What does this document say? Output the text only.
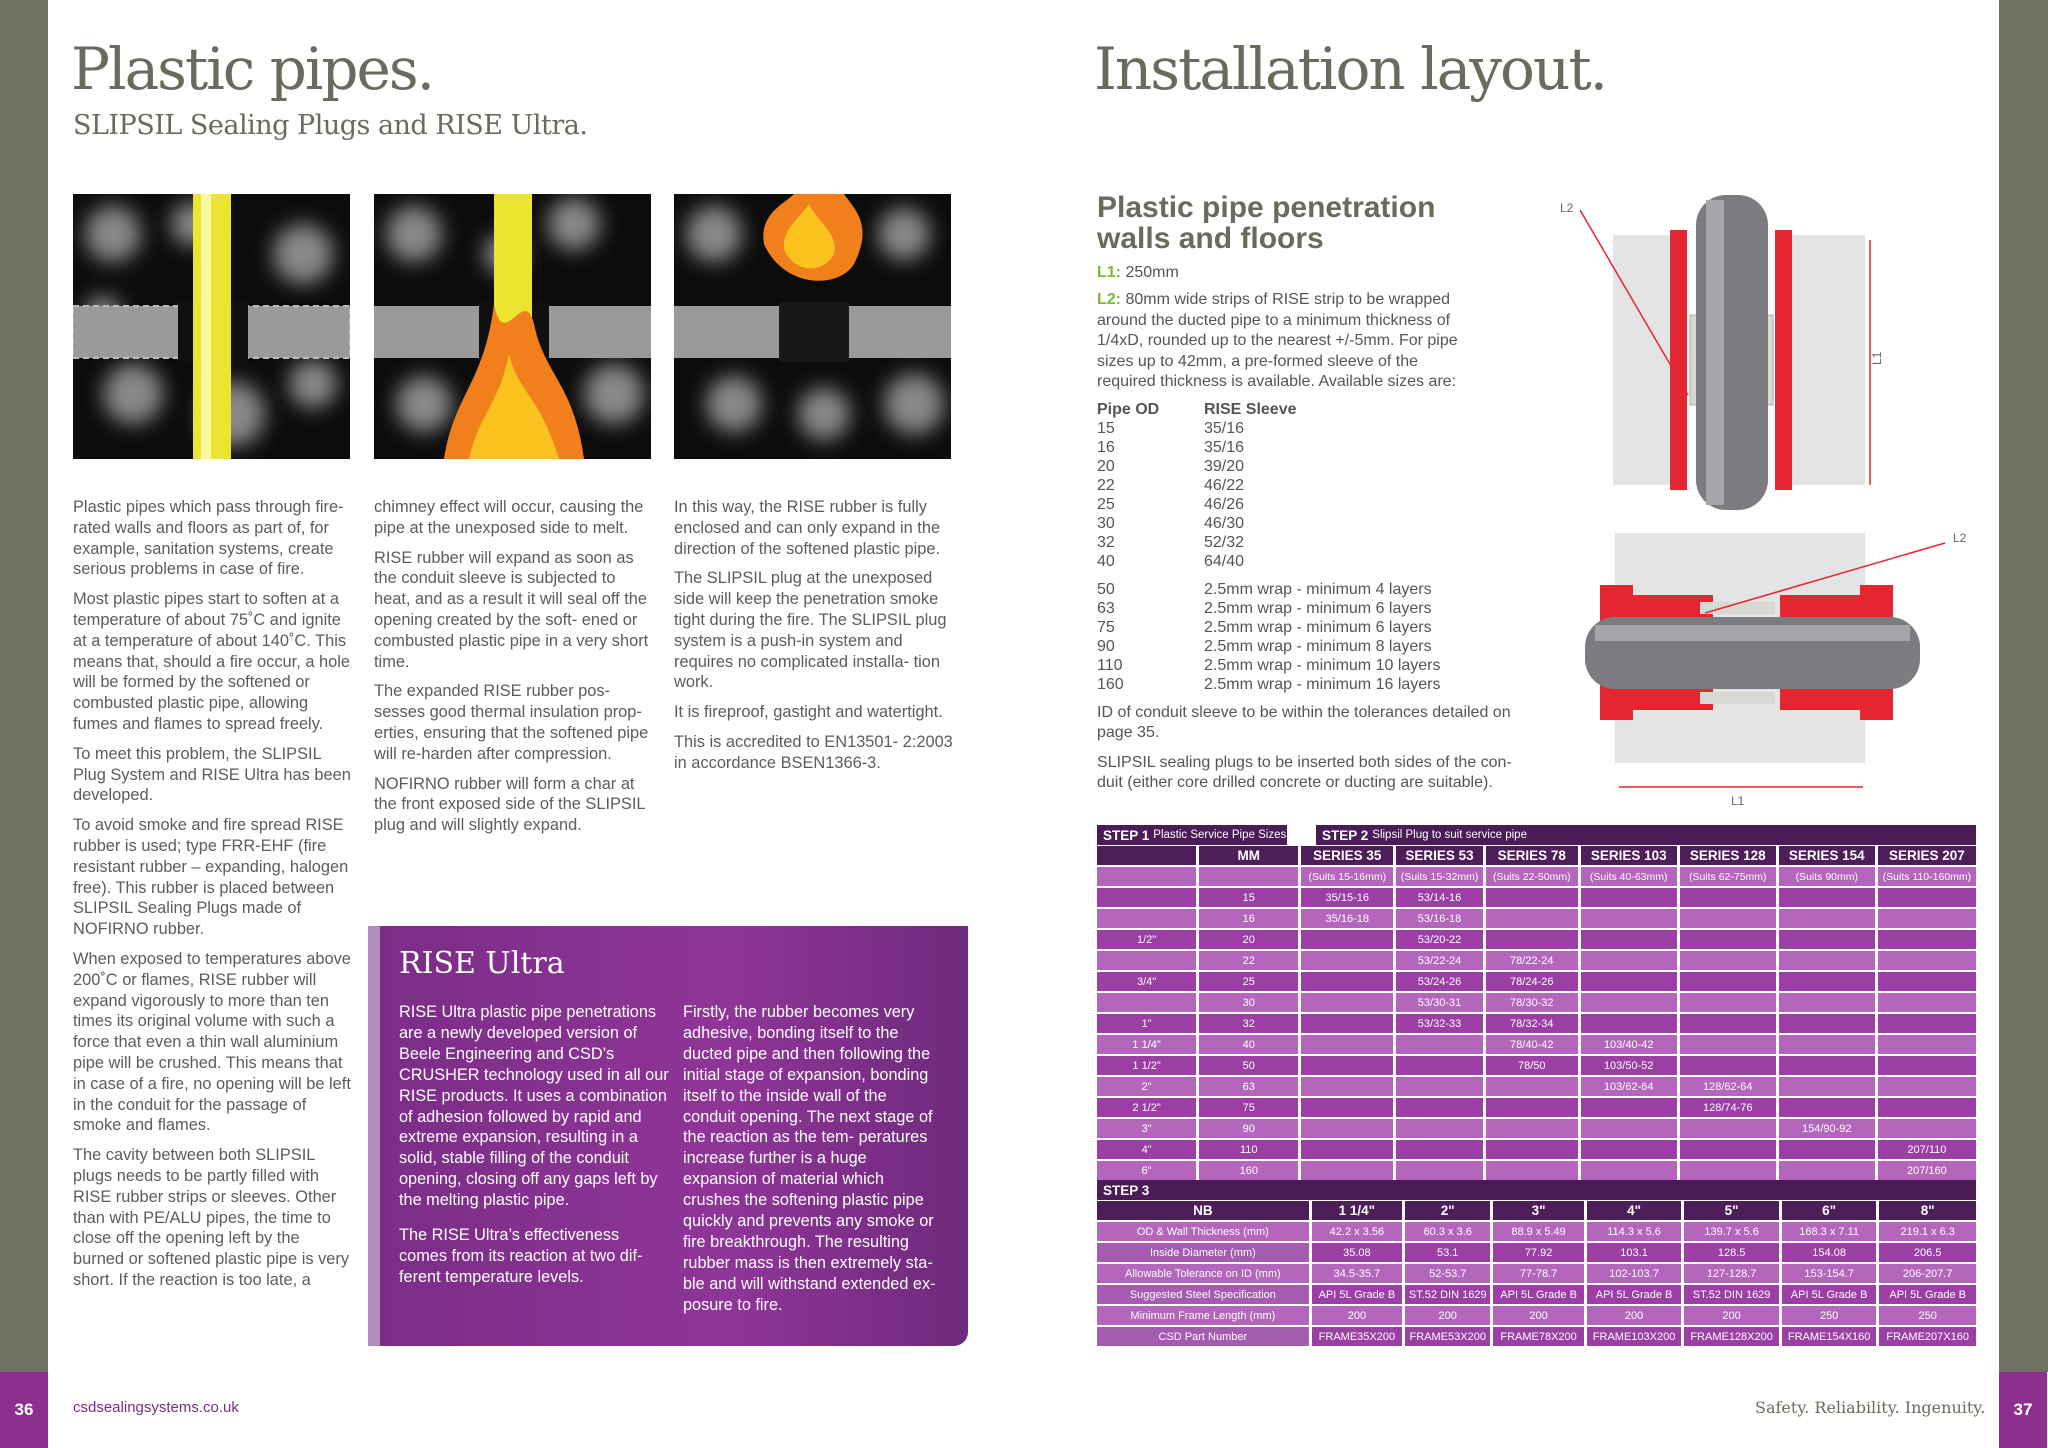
36	37
csdsealingsystems.co.uk	Safety. Reliability. Ingenuity.
Plastic pipes.
SLIPSIL Sealing Plugs and RISE Ultra.

Plastic pipes which pass through fire-rated walls and floors as part of, for example, sanitation systems, create serious problems in case of fire.

Most plastic pipes start to soften at a temperature of about 75˚C and ignite at a temperature of about 140˚C. This means that, should a fire occur, a hole will be formed by the softened or combusted plastic pipe, allowing fumes and flames to spread freely.

To meet this problem, the SLIPSIL Plug System and RISE Ultra has been developed.

To avoid smoke and fire spread RISE rubber is used; type FRR-EHF (fire resistant rubber – expanding, halogen free). This rubber is placed between SLIPSIL Sealing Plugs made of NOFIRNO rubber.

When exposed to temperatures above 200˚C or flames, RISE rubber will expand vigorously to more than ten times its original volume with such a force that even a thin wall aluminium pipe will be crushed. This means that in case of a fire, no opening will be left in the conduit for the passage of smoke and flames.

The cavity between both SLIPSIL plugs needs to be partly filled with RISE rubber strips or sleeves. Other than with PE/ALU pipes, the time to close off the opening left by the burned or softened plastic pipe is very short. If the reaction is too late, a

chimney effect will occur, causing the pipe at the unexposed side to melt.

RISE rubber will expand as soon as the conduit sleeve is subjected to heat, and as a result it will seal off the opening created by the soft- ened or combusted plastic pipe in a very short time.

The expanded RISE rubber pos- sesses good thermal insulation prop- erties, ensuring that the softened pipe will re-harden after compression.

NOFIRNO rubber will form a char at the front exposed side of the SLIPSIL plug and will slightly expand.

In this way, the RISE rubber is fully enclosed and can only expand in the direction of the softened plastic pipe.

The SLIPSIL plug at the unexposed side will keep the penetration smoke tight during the fire. The SLIPSIL plug system is a push-in system and requires no complicated installa- tion work.

It is fireproof, gastight and watertight.

This is accredited to EN13501- 2:2003 in accordance BSEN1366-3.

RISE Ultra

RISE Ultra plastic pipe penetrations are a newly developed version of Beele Engineering and CSD’s CRUSHER technology used in all our RISE products. It uses a combination of adhesion followed by rapid and extreme expansion, resulting in a solid, stable filling of the conduit opening, closing off any gaps left by the melting plastic pipe.

The RISE Ultra’s effectiveness comes from its reaction at two dif- ferent temperature levels.

Firstly, the rubber becomes very adhesive, bonding itself to the ducted pipe and then following the initial stage of expansion, bonding itself to the inside wall of the conduit opening. The next stage of the reaction as the tem- peratures increase further is a huge expansion of material which crushes the softening plastic pipe quickly and prevents any smoke or fire breakthrough. The resulting rubber mass is then extremely sta- ble and will withstand extended ex- posure to fire.

Installation layout.
Plastic pipe penetration walls and floors
L1: 250mm
L2: 80mm wide strips of RISE strip to be wrapped around the ducted pipe to a minimum thickness of 1/4xD, rounded up to the nearest +/-5mm. For pipe sizes up to 42mm, a pre-formed sleeve of the required thickness is available. Available sizes are:
Pipe OD	RISE Sleeve
15	35/16
16	35/16
20	39/20
22	46/22
25	46/26
30	46/30
32	52/32
40	64/40

50	2.5mm wrap - minimum 4 layers
63	2.5mm wrap - minimum 6 layers
75	2.5mm wrap - minimum 6 layers
90	2.5mm wrap - minimum 8 layers
110	2.5mm wrap - minimum 10 layers
160	2.5mm wrap - minimum 16 layers
ID of conduit sleeve to be within the tolerances detailed on page 35.
SLIPSIL sealing plugs to be inserted both sides of the con- duit (either core drilled concrete or ducting are suitable).
L2
L1
L2
L1
STEP 1 Plastic Service Pipe Sizes	STEP 2 Slipsil Plug to suit service pipe
	MM	SERIES 35	SERIES 53	SERIES 78	SERIES 103	SERIES 128	SERIES 154	SERIES 207
		(Suits 15-16mm)	(Suits 15-32mm)	(Suits 22-50mm)	(Suits 40-63mm)	(Suits 62-75mm)	(Suits 90mm)	(Suits 110-160mm)
	15	35/15-16	53/14-16					
	16	35/16-18	53/16-18					
1/2"	20		53/20-22					
	22		53/22-24	78/22-24				
3/4"	25		53/24-26	78/24-26				
	30		53/30-31	78/30-32				
1"	32		53/32-33	78/32-34				
1 1/4"	40			78/40-42	103/40-42			
1 1/2"	50			78/50	103/50-52			
2"	63				103/62-64	128/62-64		
2 1/2"	75					128/74-76		
3"	90						154/90-92	
4"	110							207/110
6"	160							207/160
STEP 3
NB	1 1/4"	2"	3"	4"	5"	6"	8"
OD & Wall Thickness (mm)	42.2 x 3.56	60.3 x 3.6	88.9 x 5.49	114.3 x 5.6	139.7 x 5.6	168.3 x 7.11	219.1 x 6.3
Inside Diameter (mm)	35.08	53.1	77.92	103.1	128.5	154.08	206.5
Allowable Tolerance on ID (mm)	34.5-35.7	52-53.7	77-78.7	102-103.7	127-128.7	153-154.7	206-207.7
Suggested Steel Specification	API 5L Grade B	ST.52 DIN 1629	API 5L Grade B	API 5L Grade B	ST.52 DIN 1629	API 5L Grade B	API 5L Grade B
Minimum Frame Length (mm)	200	200	200	200	200	250	250
CSD Part Number	FRAME35X200	FRAME53X200	FRAME78X200	FRAME103X200	FRAME128X200	FRAME154X160	FRAME207X160
